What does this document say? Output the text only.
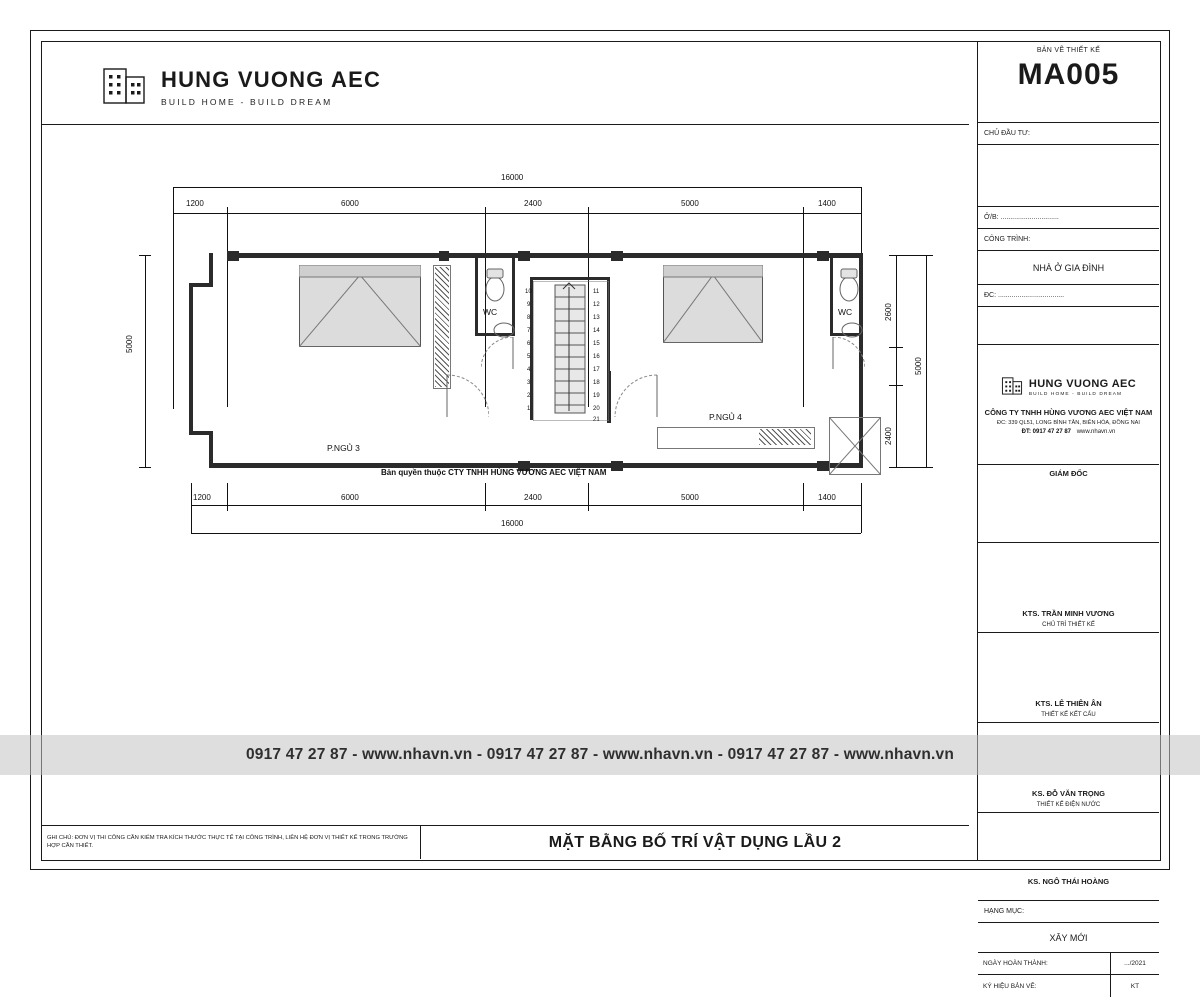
HUNG VUONG AEC
BUILD HOME - BUILD DREAM
16000
1200	6000	2400	5000	1400
1200	6000	2400	5000	1400
16000
5000
2600
5000
2400
P.NGỦ 3
P.NGỦ 4
WC	WC
10
9
8
7
6
5
4
3
2
1
11
12
13
14
15
16
17
18
19
20
21
Bản quyền thuộc CTY TNHH HÙNG VƯƠNG AEC VIỆT NAM
BẢN VẼ THIẾT KẾ
MA005
CHỦ ĐẦU TƯ:
Ở/B: ..............................
CÔNG TRÌNH:
NHÀ Ở GIA ĐÌNH
ĐC: ..................................
HUNG VUONG AEC
BUILD HOME - BUILD DREAM
CÔNG TY TNHH HÙNG VƯƠNG AEC VIỆT NAM
ĐC: 339 QL51, LONG BÌNH TÂN, BIÊN HÒA, ĐỒNG NAI
ĐT: 0917 47 27 87 www.nhavn.vn
GIÁM ĐỐC
KTS. TRẦN MINH VƯƠNG
CHỦ TRÌ THIẾT KẾ
KTS. LÊ THIÊN ÂN
THIẾT KẾ KẾT CẤU
KS. ĐỖ VĂN TRỌNG
THIẾT KẾ ĐIỆN NƯỚC
KS. NGÔ THÁI HOÀNG
HẠNG MỤC:
XÂY MỚI
NGÀY HOÀN THÀNH:	.../2021
KÝ HIỆU BẢN VẼ:	KT
GHI CHÚ: ĐƠN VỊ THI CÔNG CẦN KIỂM TRA KÍCH THƯỚC THỰC TẾ TẠI CÔNG TRÌNH, LIÊN HỆ ĐƠN VỊ THIẾT KẾ TRONG TRƯỜNG HỢP CẦN THIẾT.	MẶT BẰNG BỐ TRÍ VẬT DỤNG LẦU 2
0917 47 27 87 - www.nhavn.vn - 0917 47 27 87 - www.nhavn.vn - 0917 47 27 87 - www.nhavn.vn
